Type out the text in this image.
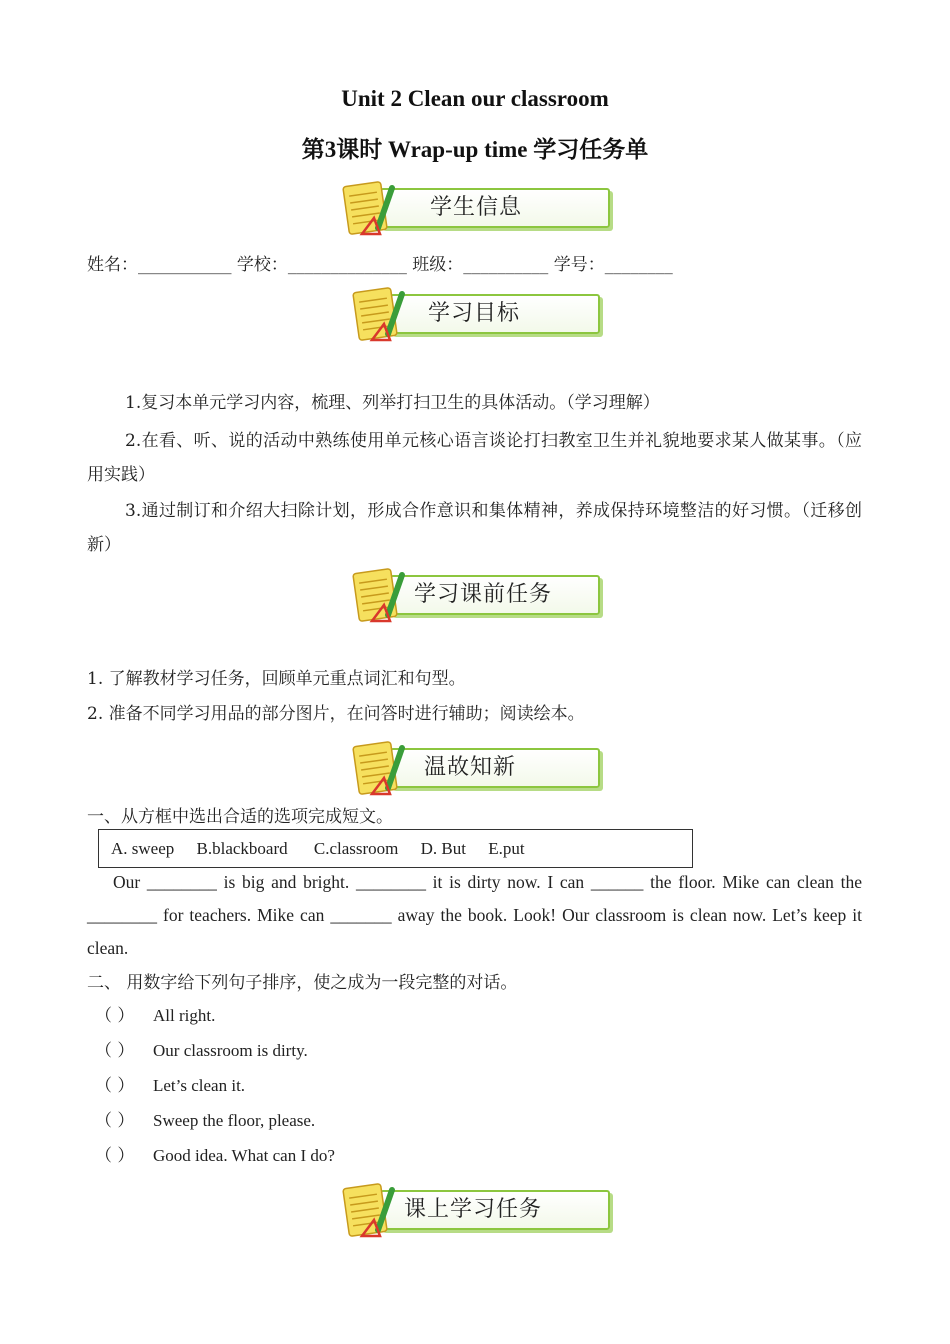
Unit 2 Clean our classroom
第3课时 Wrap-up time 学习任务单
学生信息
姓名：___________ 学校：______________ 班级：__________ 学号：________
学习目标
1.复习本单元学习内容，梳理、列举打扫卫生的具体活动。（学习理解）
2.在看、听、说的活动中熟练使用单元核心语言谈论打扫教室卫生并礼貌地要求某人做某事。（应用实践）
3.通过制订和介绍大扫除计划，形成合作意识和集体精神，养成保持环境整洁的好习惯。（迁移创新）
学习课前任务
1. 了解教材学习任务，回顾单元重点词汇和句型。
2. 准备不同学习用品的部分图片，在问答时进行辅助；阅读绘本。
温故知新
一、从方框中选出合适的选项完成短文。
A. sweep B.blackboard C.classroom D. But E.put
Our ________ is big and bright. ________ it is dirty now. I can ______ the floor. Mike can clean the ________ for teachers. Mike can _______ away the book. Look! Our classroom is clean now. Let’s keep it clean.
二、 用数字给下列句子排序，使之成为一段完整的对话。
（ ） All right.
（ ） Our classroom is dirty.
（ ） Let’s clean it.
（ ） Sweep the floor, please.
（ ） Good idea. What can I do?
课上学习任务
